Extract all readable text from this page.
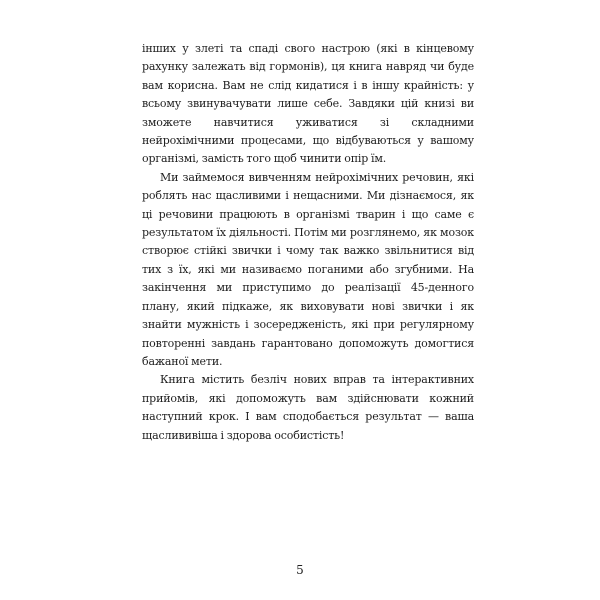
інших у злеті та спаді свого настрою (які в кінцевому рахунку залежать від гормонів), ця книга навряд чи буде вам корисна. Вам не слід кидатися і в іншу крайність: у всьому звинувачувати лише себе. Завдяки цій книзі ви зможете навчитися уживатися зі складними нейрохімічними процесами, що відбуваються у вашому організмі, замість того щоб чинити опір їм.

Ми займемося вивченням нейрохімічних речовин, які роблять нас щасливими і нещасними. Ми дізнаємося, як ці речовини працюють в організмі тварин і що саме є результатом їх діяльності. Потім ми розглянемо, як мозок створює стійкі звички і чому так важко звільнитися від тих з їх, які ми називаємо поганими або згубними. На закінчення ми приступимо до реалізації 45-денного плану, який підкаже, як виховувати нові звички і як знайти мужність і зосередженість, які при регулярному повторенні завдань гарантовано допоможуть домогтися бажаної мети.

Книга містить безліч нових вправ та інтерактивних прийомів, які допоможуть вам здійснювати кожний наступний крок. І вам сподобається результат — ваша щаслививіша і здорова особистість!

5
